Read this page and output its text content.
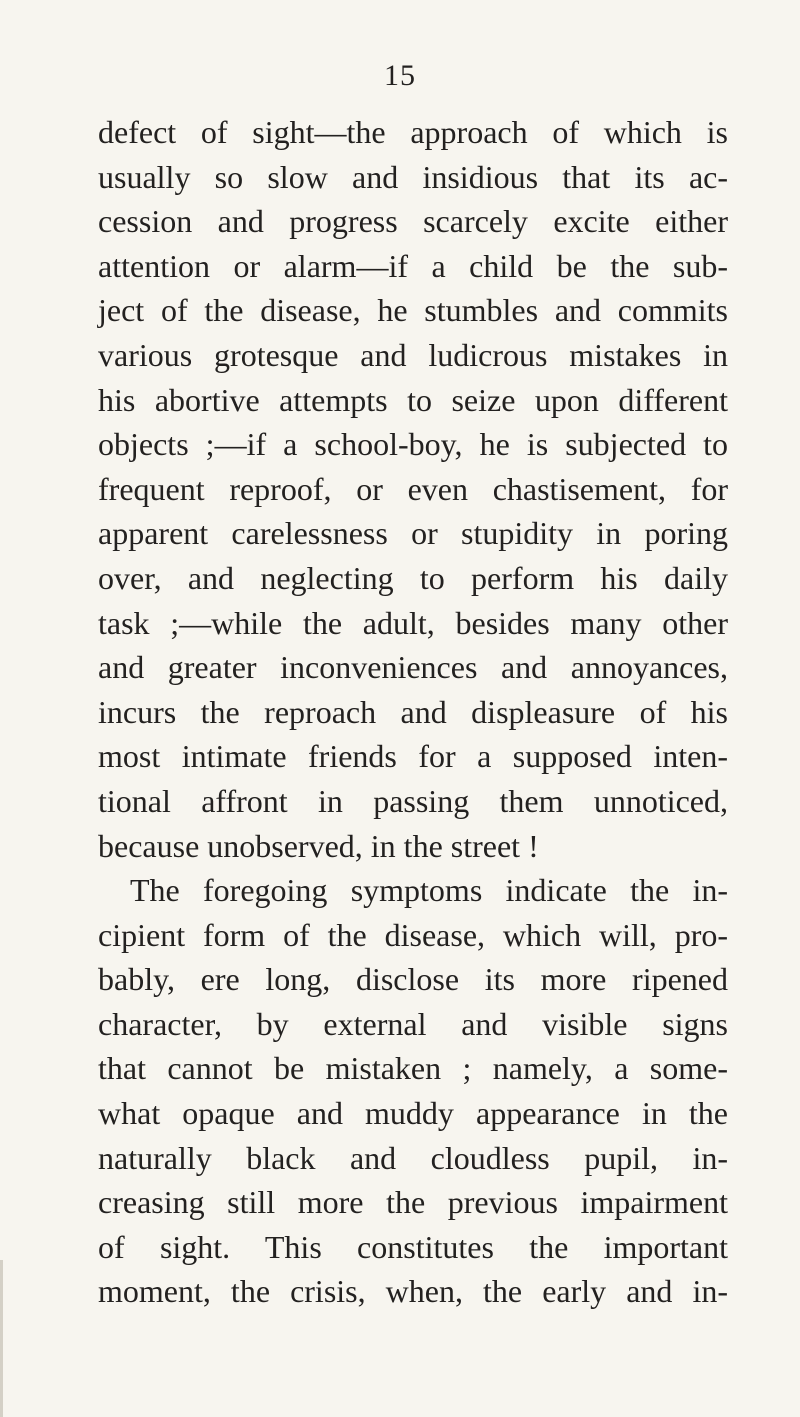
15
defect of sight—the approach of which is
usually so slow and insidious that its ac-
cession and progress scarcely excite either
attention or alarm—if a child be the sub-
ject of the disease, he stumbles and commits
various grotesque and ludicrous mistakes in
his abortive attempts to seize upon different
objects ;—if a school-boy, he is subjected to
frequent reproof, or even chastisement, for
apparent carelessness or stupidity in poring
over, and neglecting to perform his daily
task ;—while the adult, besides many other
and greater inconveniences and annoyances,
incurs the reproach and displeasure of his
most intimate friends for a supposed inten-
tional affront in passing them unnoticed,
because unobserved, in the street !
The foregoing symptoms indicate the in-
cipient form of the disease, which will, pro-
bably, ere long, disclose its more ripened
character, by external and visible signs
that cannot be mistaken ; namely, a some-
what opaque and muddy appearance in the
naturally black and cloudless pupil, in-
creasing still more the previous impairment
of sight. This constitutes the important
moment, the crisis, when, the early and in-
